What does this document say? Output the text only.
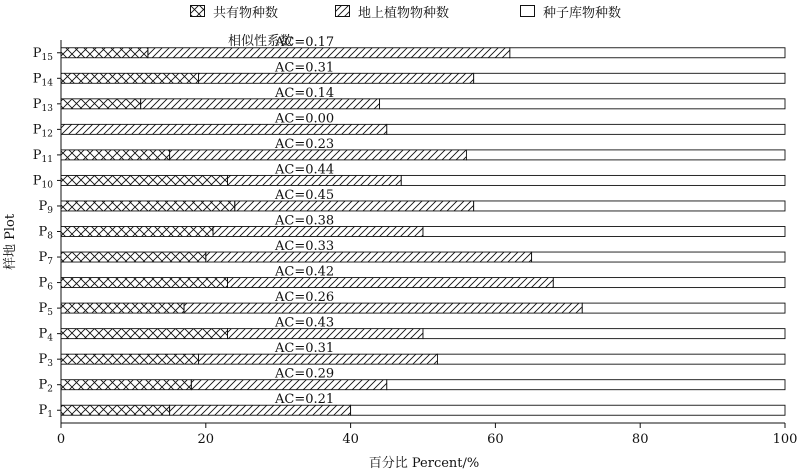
共有物种数	地上植物物种数	种子库物种数
0	20	40	60	80	100
$P_1$
$P_2$
$P_3$
$P_4$
$P_5$
$P_6$
$P_7$
$P_8$
$P_9$
$P_{10}$
$P_{11}$
$P_{12}$
$P_{13}$
$P_{14}$
$P_{15}$
AC=0.21
AC=0.29
AC=0.31
AC=0.43
AC=0.26
AC=0.42
AC=0.33
AC=0.38
AC=0.45
AC=0.44
AC=0.23
AC=0.00
AC=0.14
AC=0.31
AC=0.17
相似性系数
百分比 Percent/%
样地 Plot
